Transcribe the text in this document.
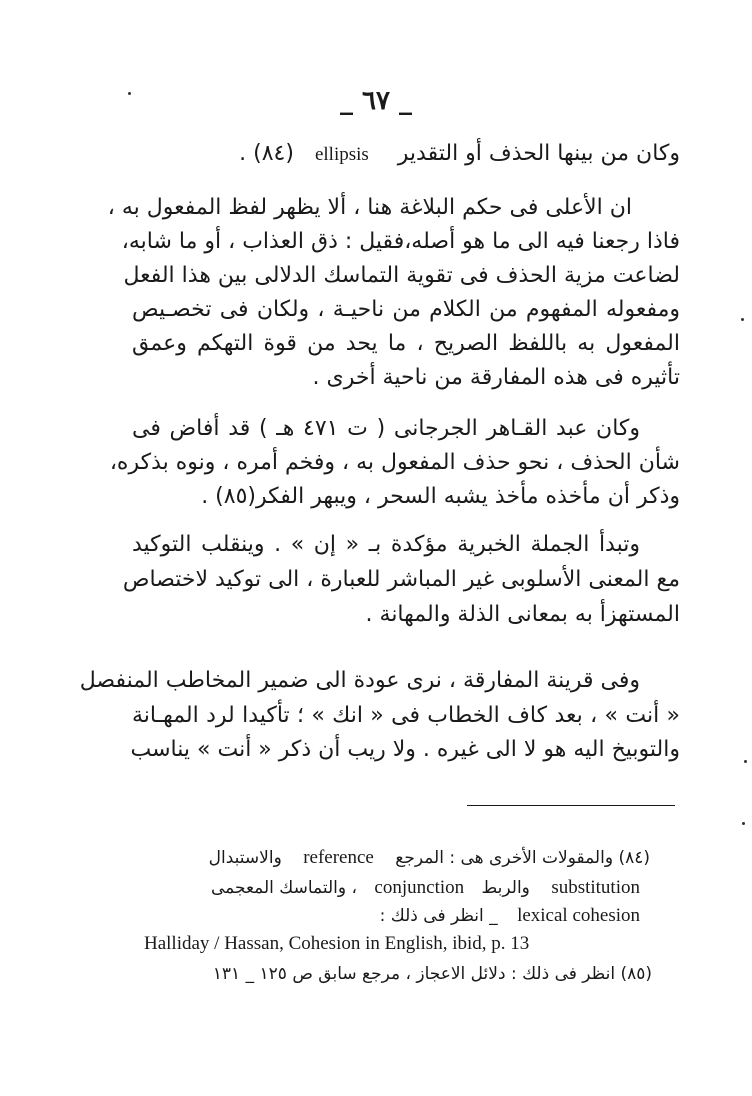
_ ٦٧ _
وكان من بينها الحذف أو التقدير ellipsis (٨٤) .
ان الأعلى فى حكم البلاغة هنا ، ألا يظهر لفظ المفعول به ،
فاذا رجعنا فيه الى ما هو أصله،فقيل : ذق العذاب ، أو ما شابه،
لضاعت مزية الحذف فى تقوية التماسك الدلالى بين هذا الفعل
ومفعوله المفهوم من الكلام من ناحيـة ، ولكان فى تخصـيص
المفعول به باللفظ الصريح ، ما يحد من قوة التهكم وعمق
تأثيره فى هذه المفارقة من ناحية أخرى .
وكان عبد القـاهر الجرجانى ( ت ٤٧١ هـ ) قد أفاض فى
شأن الحذف ، نحو حذف المفعول به ، وفخم أمره ، ونوه بذكره،
وذكر أن مأخذه مأخذ يشبه السحر ، ويبهر الفكر(٨٥) .
وتبدأ الجملة الخبرية مؤكدة بـ « إن » . وينقلب التوكيد
مع المعنى الأسلوبى غير المباشر للعبارة ، الى توكيد لاختصاص
المستهزأ به بمعانى الذلة والمهانة .
وفى قرينة المفارقة ، نرى عودة الى ضمير المخاطب المنفصل
« أنت » ، بعد كاف الخطاب فى « انك » ؛ تأكيدا لرد المهـانة
والتوبيخ اليه هو لا الى غيره . ولا ريب أن ذكر « أنت » يناسب
(٨٤) والمقولات الأخرى هى : المرجع reference والاستبدال
substitution والربط conjunction ، والتماسك المعجمى
lexical cohesion _ انظر فى ذلك :
Halliday / Hassan, Cohesion in English, ibid, p. 13
(٨٥) انظر فى ذلك : دلائل الاعجاز ، مرجع سابق ص ١٢٥ _ ١٣١
